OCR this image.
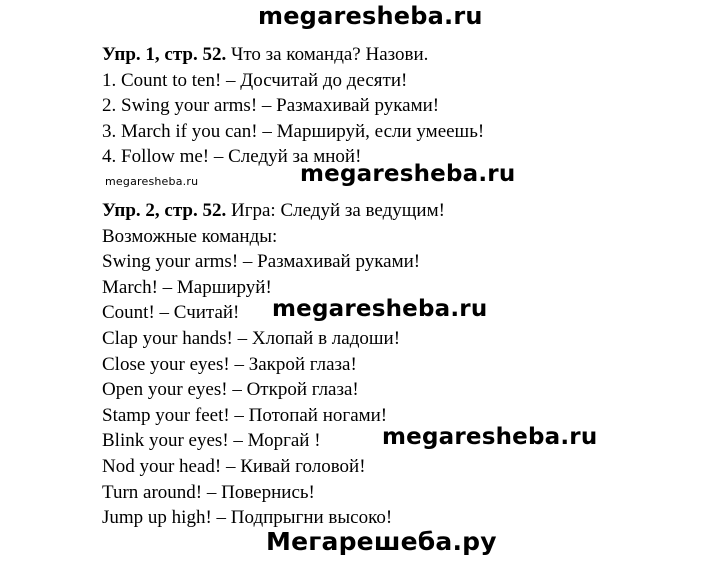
megaresheba.ru
Упр. 1, стр. 52. Что за команда? Назови.
1. Count to ten! – Досчитай до десяти!
2. Swing your arms! – Размахивай руками!
3. March if you can! – Маршируй, если умеешь!
4. Follow me! – Следуй за мной!
megaresheba.ru	megaresheba.ru
Упр. 2, стр. 52. Игра: Следуй за ведущим!
Возможные команды:
Swing your arms! – Размахивай руками!
March! – Маршируй!
Count! – Считай!
Clap your hands! – Хлопай в ладоши!
Close your eyes! – Закрой глаза!
Open your eyes! – Открой глаза!
Stamp your feet! – Потопай ногами!
Blink your eyes! – Моргай !
Nod your head! – Кивай головой!
Turn around! – Повернись!
Jump up high! – Подпрыгни высоко!
megaresheba.ru
megaresheba.ru
Мегарешеба.ру
